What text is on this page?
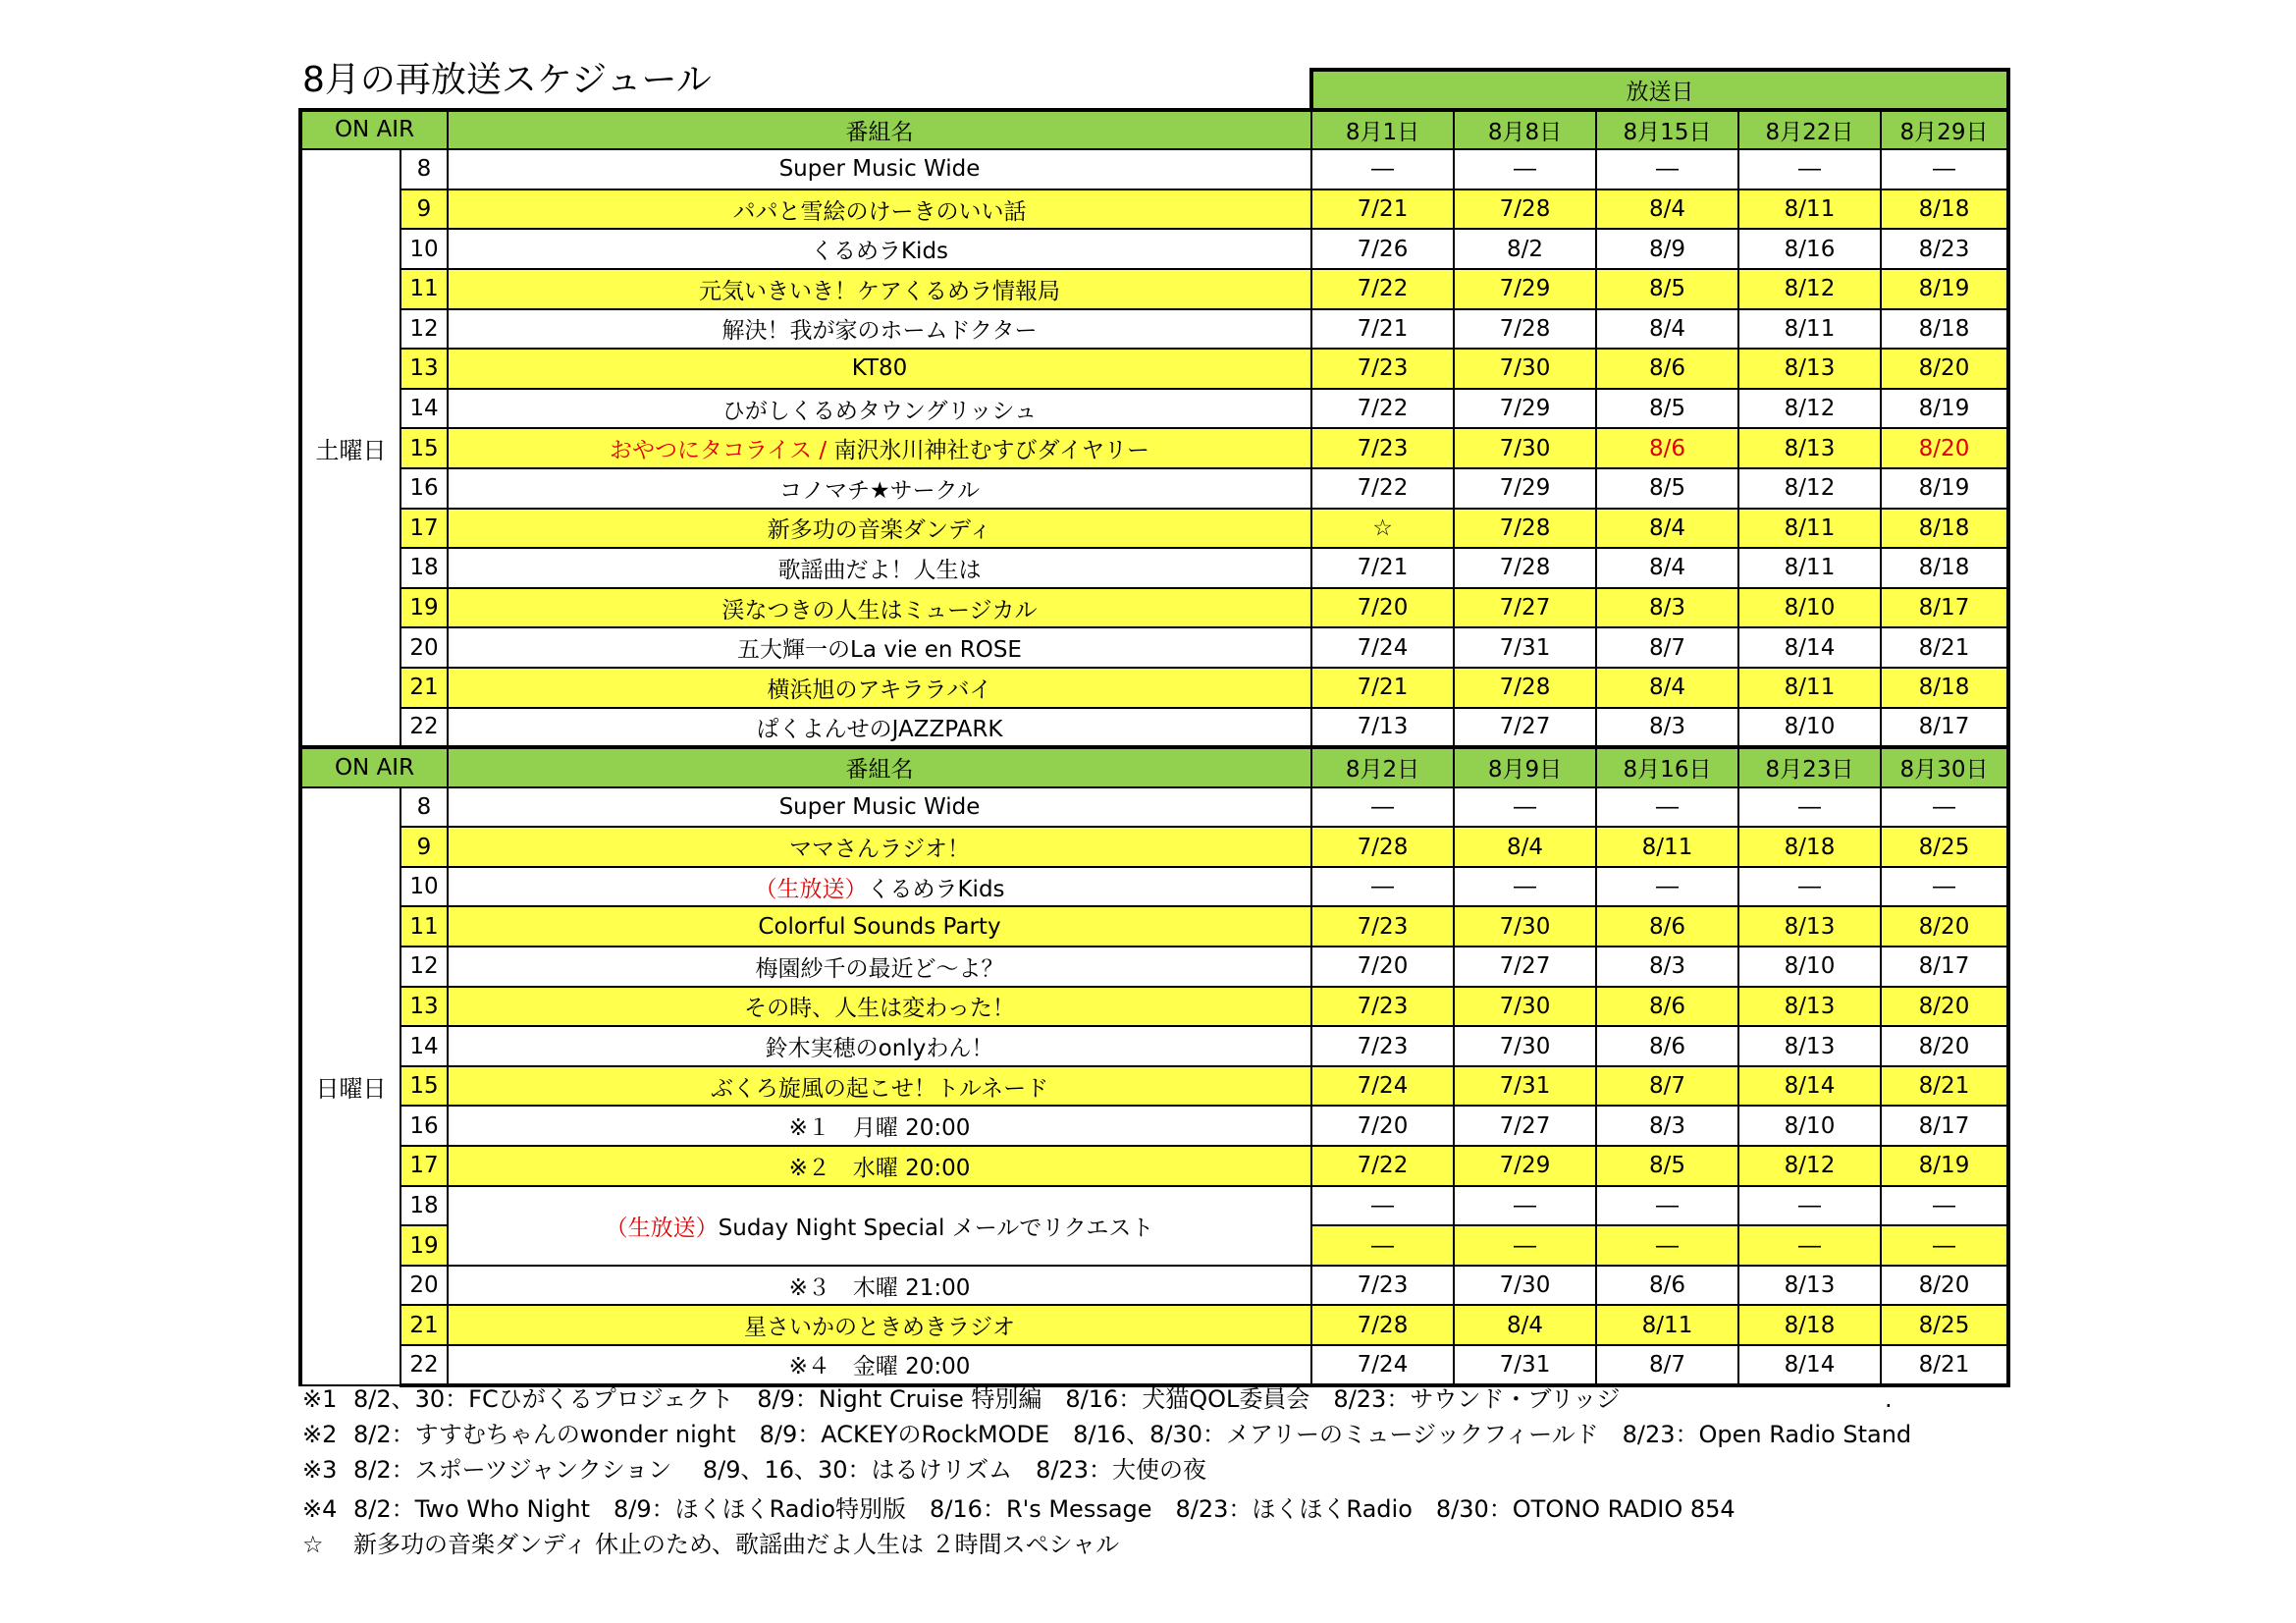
8月の再放送スケジュール
			放送日				
ON AIR		番組名	8月1日	8月8日	8月15日	8月22日	8月29日
土曜日	8	Super Music Wide	―	―	―	―	―
	9	パパと雪絵のけーきのいい話	7/21	7/28	8/4	8/11	8/18
	10	くるめラKids	7/26	8/2	8/9	8/16	8/23
	11	元気いきいき！ケアくるめラ情報局	7/22	7/29	8/5	8/12	8/19
	12	解決！我が家のホームドクター	7/21	7/28	8/4	8/11	8/18
	13	KT80	7/23	7/30	8/6	8/13	8/20
	14	ひがしくるめタウングリッシュ	7/22	7/29	8/5	8/12	8/19
	15	おやつにタコライス / 南沢氷川神社むすびダイヤリー	7/23	7/30	8/6	8/13	8/20
	16	コノマチ★サークル	7/22	7/29	8/5	8/12	8/19
	17	新多功の音楽ダンディ	☆	7/28	8/4	8/11	8/18
	18	歌謡曲だよ！人生は	7/21	7/28	8/4	8/11	8/18
	19	渓なつきの人生はミュージカル	7/20	7/27	8/3	8/10	8/17
	20	五大輝一のLa vie en ROSE	7/24	7/31	8/7	8/14	8/21
	21	横浜旭のアキララバイ	7/21	7/28	8/4	8/11	8/18
	22	ぱくよんせのJAZZPARK	7/13	7/27	8/3	8/10	8/17
ON AIR		番組名	8月2日	8月9日	8月16日	8月23日	8月30日
日曜日	8	Super Music Wide	―	―	―	―	―
	9	ママさんラジオ！	7/28	8/4	8/11	8/18	8/25
	10	（生放送）くるめラKids	―	―	―	―	―
	11	Colorful Sounds Party	7/23	7/30	8/6	8/13	8/20
	12	梅園紗千の最近ど～よ？	7/20	7/27	8/3	8/10	8/17
	13	その時、人生は変わった！	7/23	7/30	8/6	8/13	8/20
	14	鈴木実穂のonlyわん！	7/23	7/30	8/6	8/13	8/20
	15	ぶくろ旋風の起こせ！トルネード	7/24	7/31	8/7	8/14	8/21
	16	※１　月曜 20:00	7/20	7/27	8/3	8/10	8/17
	17	※２　水曜 20:00	7/22	7/29	8/5	8/12	8/19
	18	（生放送）Suday Night Special メールでリクエスト	―	―	―	―	―
	19		―	―	―	―	―
	20	※３　木曜 21:00	7/23	7/30	8/6	8/13	8/20
	21	星さいかのときめきラジオ	7/28	8/4	8/11	8/18	8/25
	22	※４　金曜 20:00	7/24	7/31	8/7	8/14	8/21
※1 8/2、30：FCひがくるプロジェクト　8/9：Night Cruise 特別編　8/16：犬猫QOL委員会　8/23：サウンド・ブリッジ
※2 8/2：すすむちゃんのwonder night　8/9：ACKEYのRockMODE　8/16、8/30：メアリーのミュージックフィールド　8/23：Open Radio Stand
※3 8/2：スポーツジャンクション　 8/9、16、30：はるけリズム　8/23：大使の夜
※4 8/2：Two Who Night　8/9：ほくほくRadio特別版　8/16：R's Message　8/23：ほくほくRadio　8/30：OTONO RADIO 854
☆ 新多功の音楽ダンディ 休止のため、歌謡曲だよ人生は ２時間スペシャル
.
